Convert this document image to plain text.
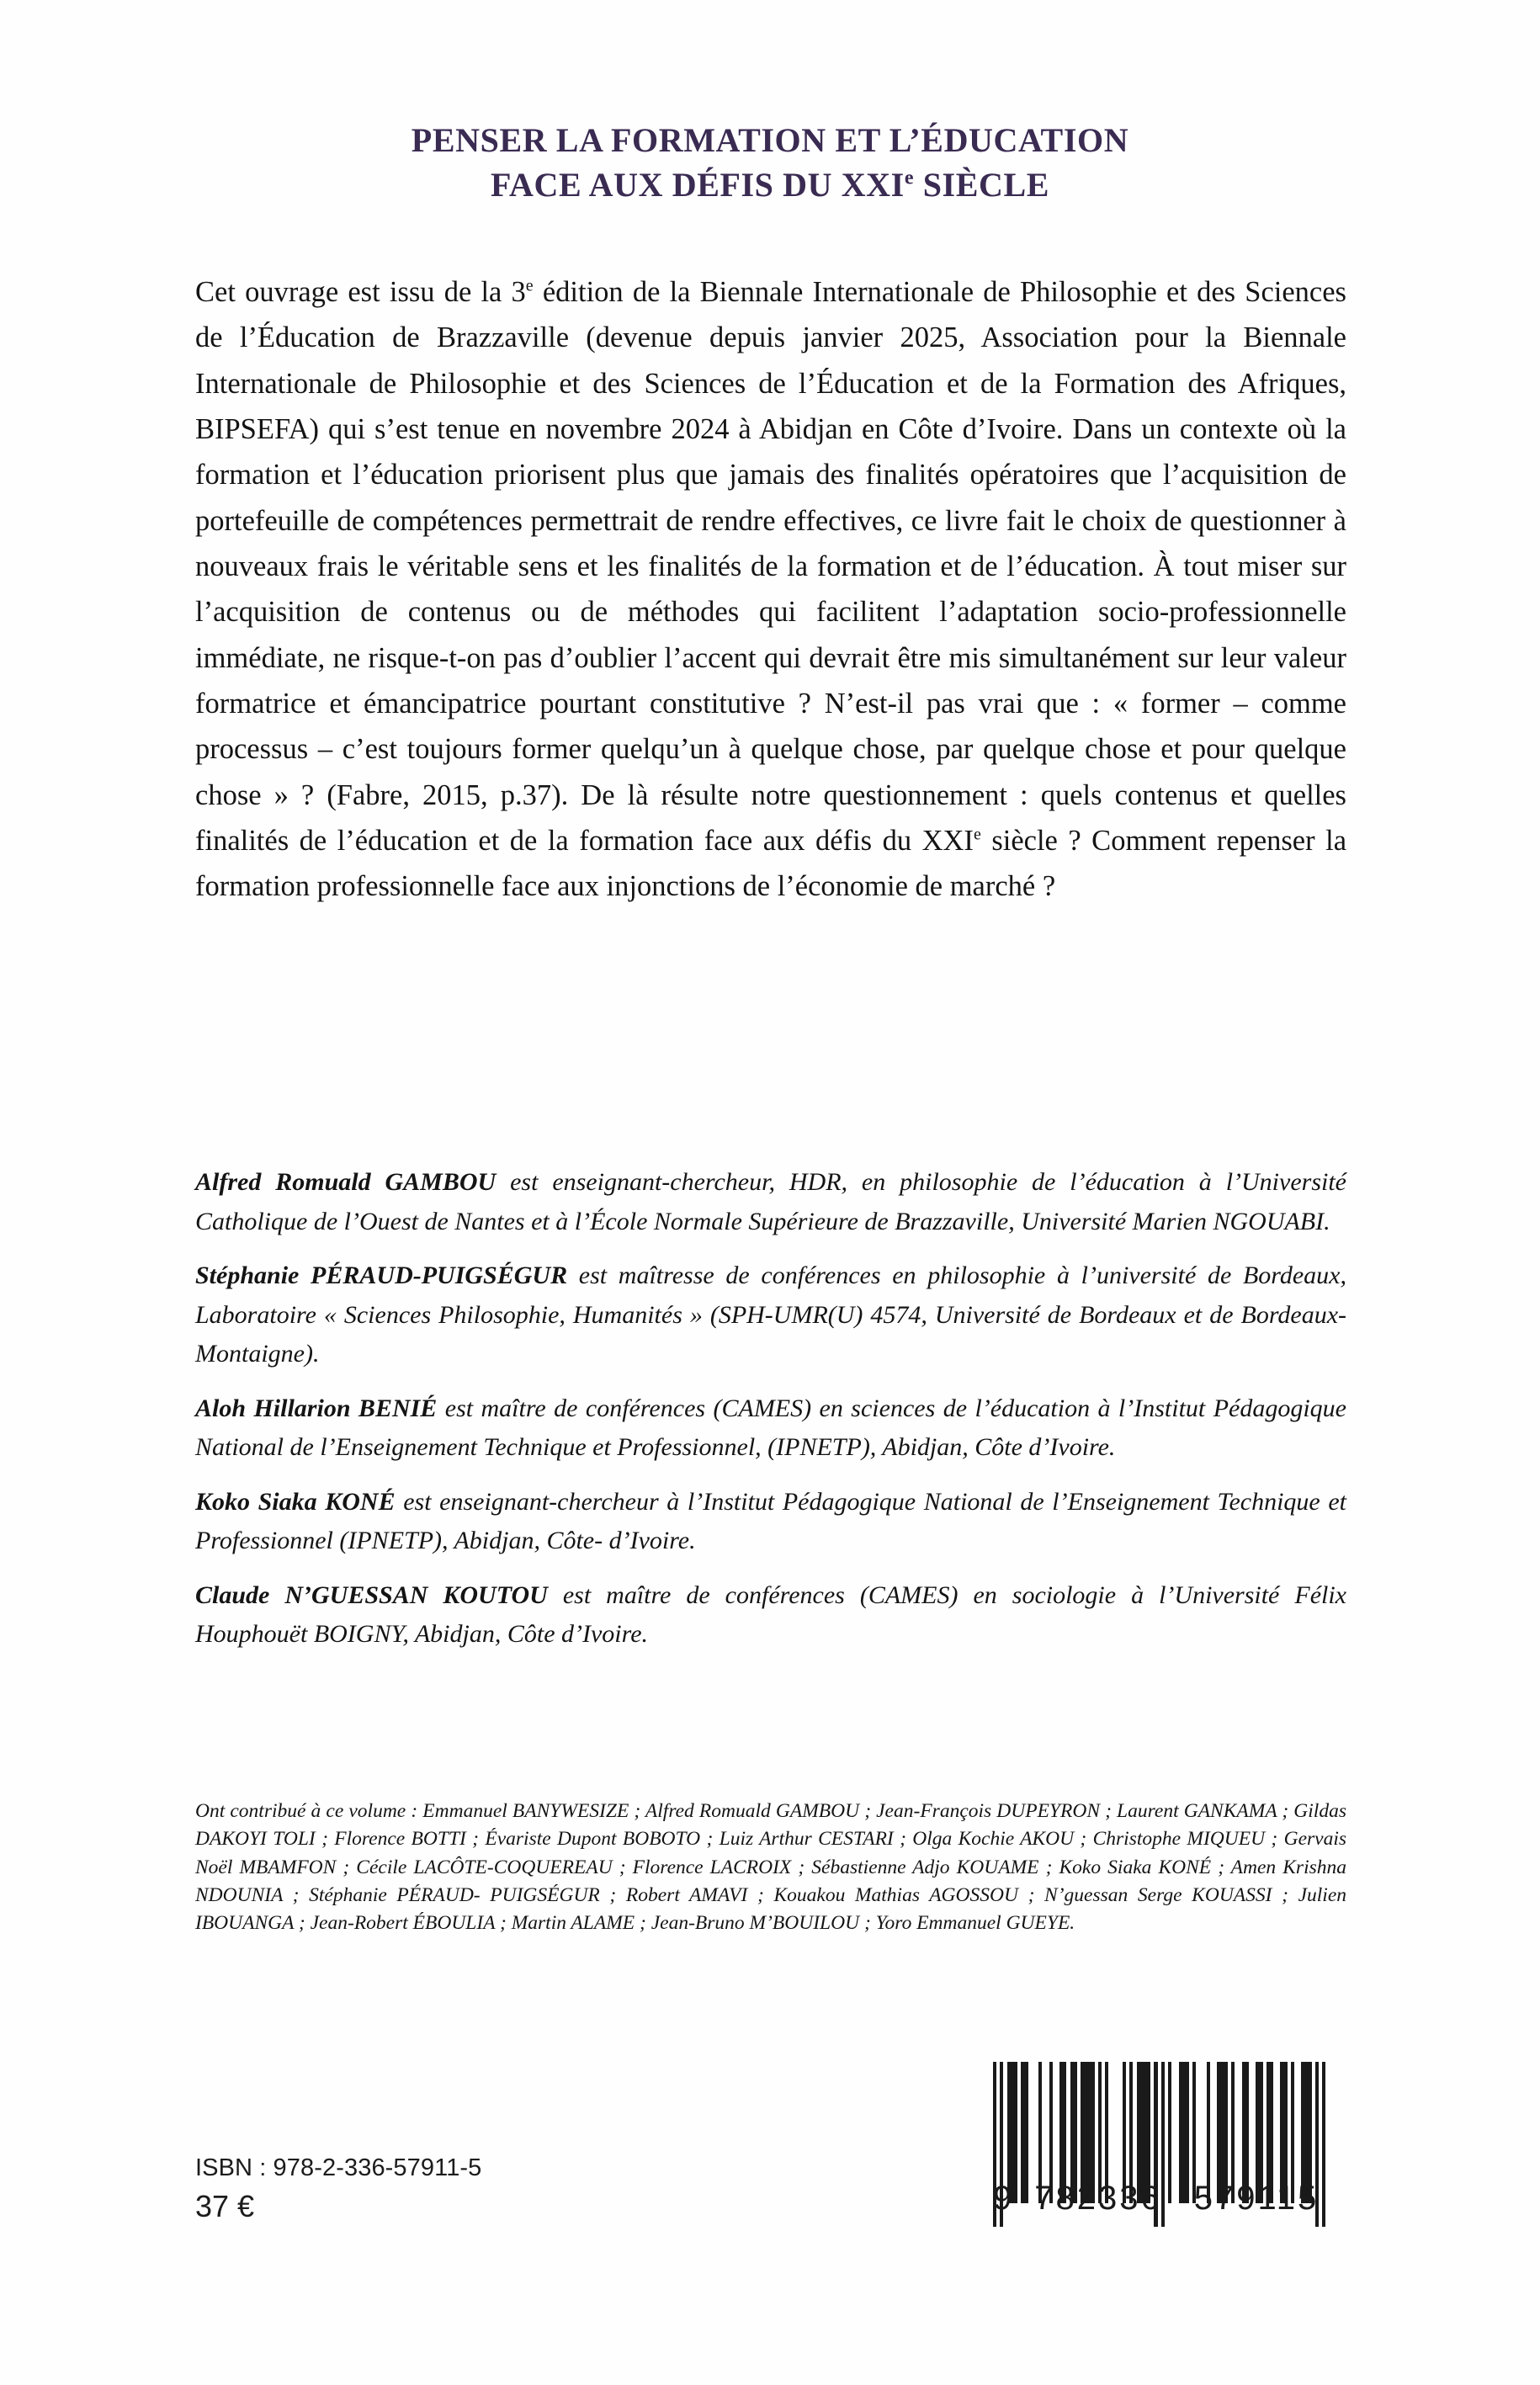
PENSER LA FORMATION ET L’ÉDUCATION
FACE AUX DÉFIS DU XXIe SIÈCLE
Cet ouvrage est issu de la 3e édition de la Biennale Internationale de Philosophie et des Sciences de l’Éducation de Brazzaville (devenue depuis janvier 2025, Association pour la Biennale Internationale de Philosophie et des Sciences de l’Éducation et de la Formation des Afriques, BIPSEFA) qui s’est tenue en novembre 2024 à Abidjan en Côte d’Ivoire. Dans un contexte où la formation et l’éducation priorisent plus que jamais des finalités opératoires que l’acquisition de portefeuille de compétences permettrait de rendre effectives, ce livre fait le choix de questionner à nouveaux frais le véritable sens et les finalités de la formation et de l’éducation. À tout miser sur l’acquisition de contenus ou de méthodes qui facilitent l’adaptation socio-professionnelle immédiate, ne risque-t-on pas d’oublier l’accent qui devrait être mis simultanément sur leur valeur formatrice et émancipatrice pourtant constitutive ? N’est-il pas vrai que : « former – comme processus – c’est toujours former quelqu’un à quelque chose, par quelque chose et pour quelque chose » ? (Fabre, 2015, p.37). De là résulte notre questionnement : quels contenus et quelles finalités de l’éducation et de la formation face aux défis du XXIe siècle ? Comment repenser la formation professionnelle face aux injonctions de l’économie de marché ?

Alfred Romuald GAMBOU est enseignant-chercheur, HDR, en philosophie de l’éducation à l’Université Catholique de l’Ouest de Nantes et à l’École Normale Supérieure de Brazzaville, Université Marien NGOUABI.

Stéphanie PÉRAUD-PUIGSÉGUR est maîtresse de conférences en philosophie à l’université de Bordeaux, Laboratoire « Sciences Philosophie, Humanités » (SPH-UMR(U) 4574, Université de Bordeaux et de Bordeaux-Montaigne).

Aloh Hillarion BENIÉ est maître de conférences (CAMES) en sciences de l’éducation à l’Institut Pédagogique National de l’Enseignement Technique et Professionnel, (IPNETP), Abidjan, Côte d’Ivoire.

Koko Siaka KONÉ est enseignant-chercheur à l’Institut Pédagogique National de l’Enseignement Technique et Professionnel (IPNETP), Abidjan, Côte- d’Ivoire.

Claude N’GUESSAN KOUTOU est maître de conférences (CAMES) en sociologie à l’Université Félix Houphouët BOIGNY, Abidjan, Côte d’Ivoire.

Ont contribué à ce volume : Emmanuel BANYWESIZE ; Alfred Romuald GAMBOU ; Jean-François DUPEYRON ; Laurent GANKAMA ; Gildas DAKOYI TOLI ; Florence BOTTI ; Évariste Dupont BOBOTO ; Luiz Arthur CESTARI ; Olga Kochie AKOU ; Christophe MIQUEU ; Gervais Noël MBAMFON ; Cécile LACÔTE-COQUEREAU ; Florence LACROIX ; Sébastienne Adjo KOUAME ; Koko Siaka KONÉ ; Amen Krishna NDOUNIA ; Stéphanie PÉRAUD- PUIGSÉGUR ; Robert AMAVI ; Kouakou Mathias AGOSSOU ; N’guessan Serge KOUASSI ; Julien IBOUANGA ; Jean-Robert ÉBOULIA ; Martin ALAME ; Jean-Bruno M’BOUILOU ; Yoro Emmanuel GUEYE.
ISBN : 978-2-336-57911-5
37 €	9 782336 579115
